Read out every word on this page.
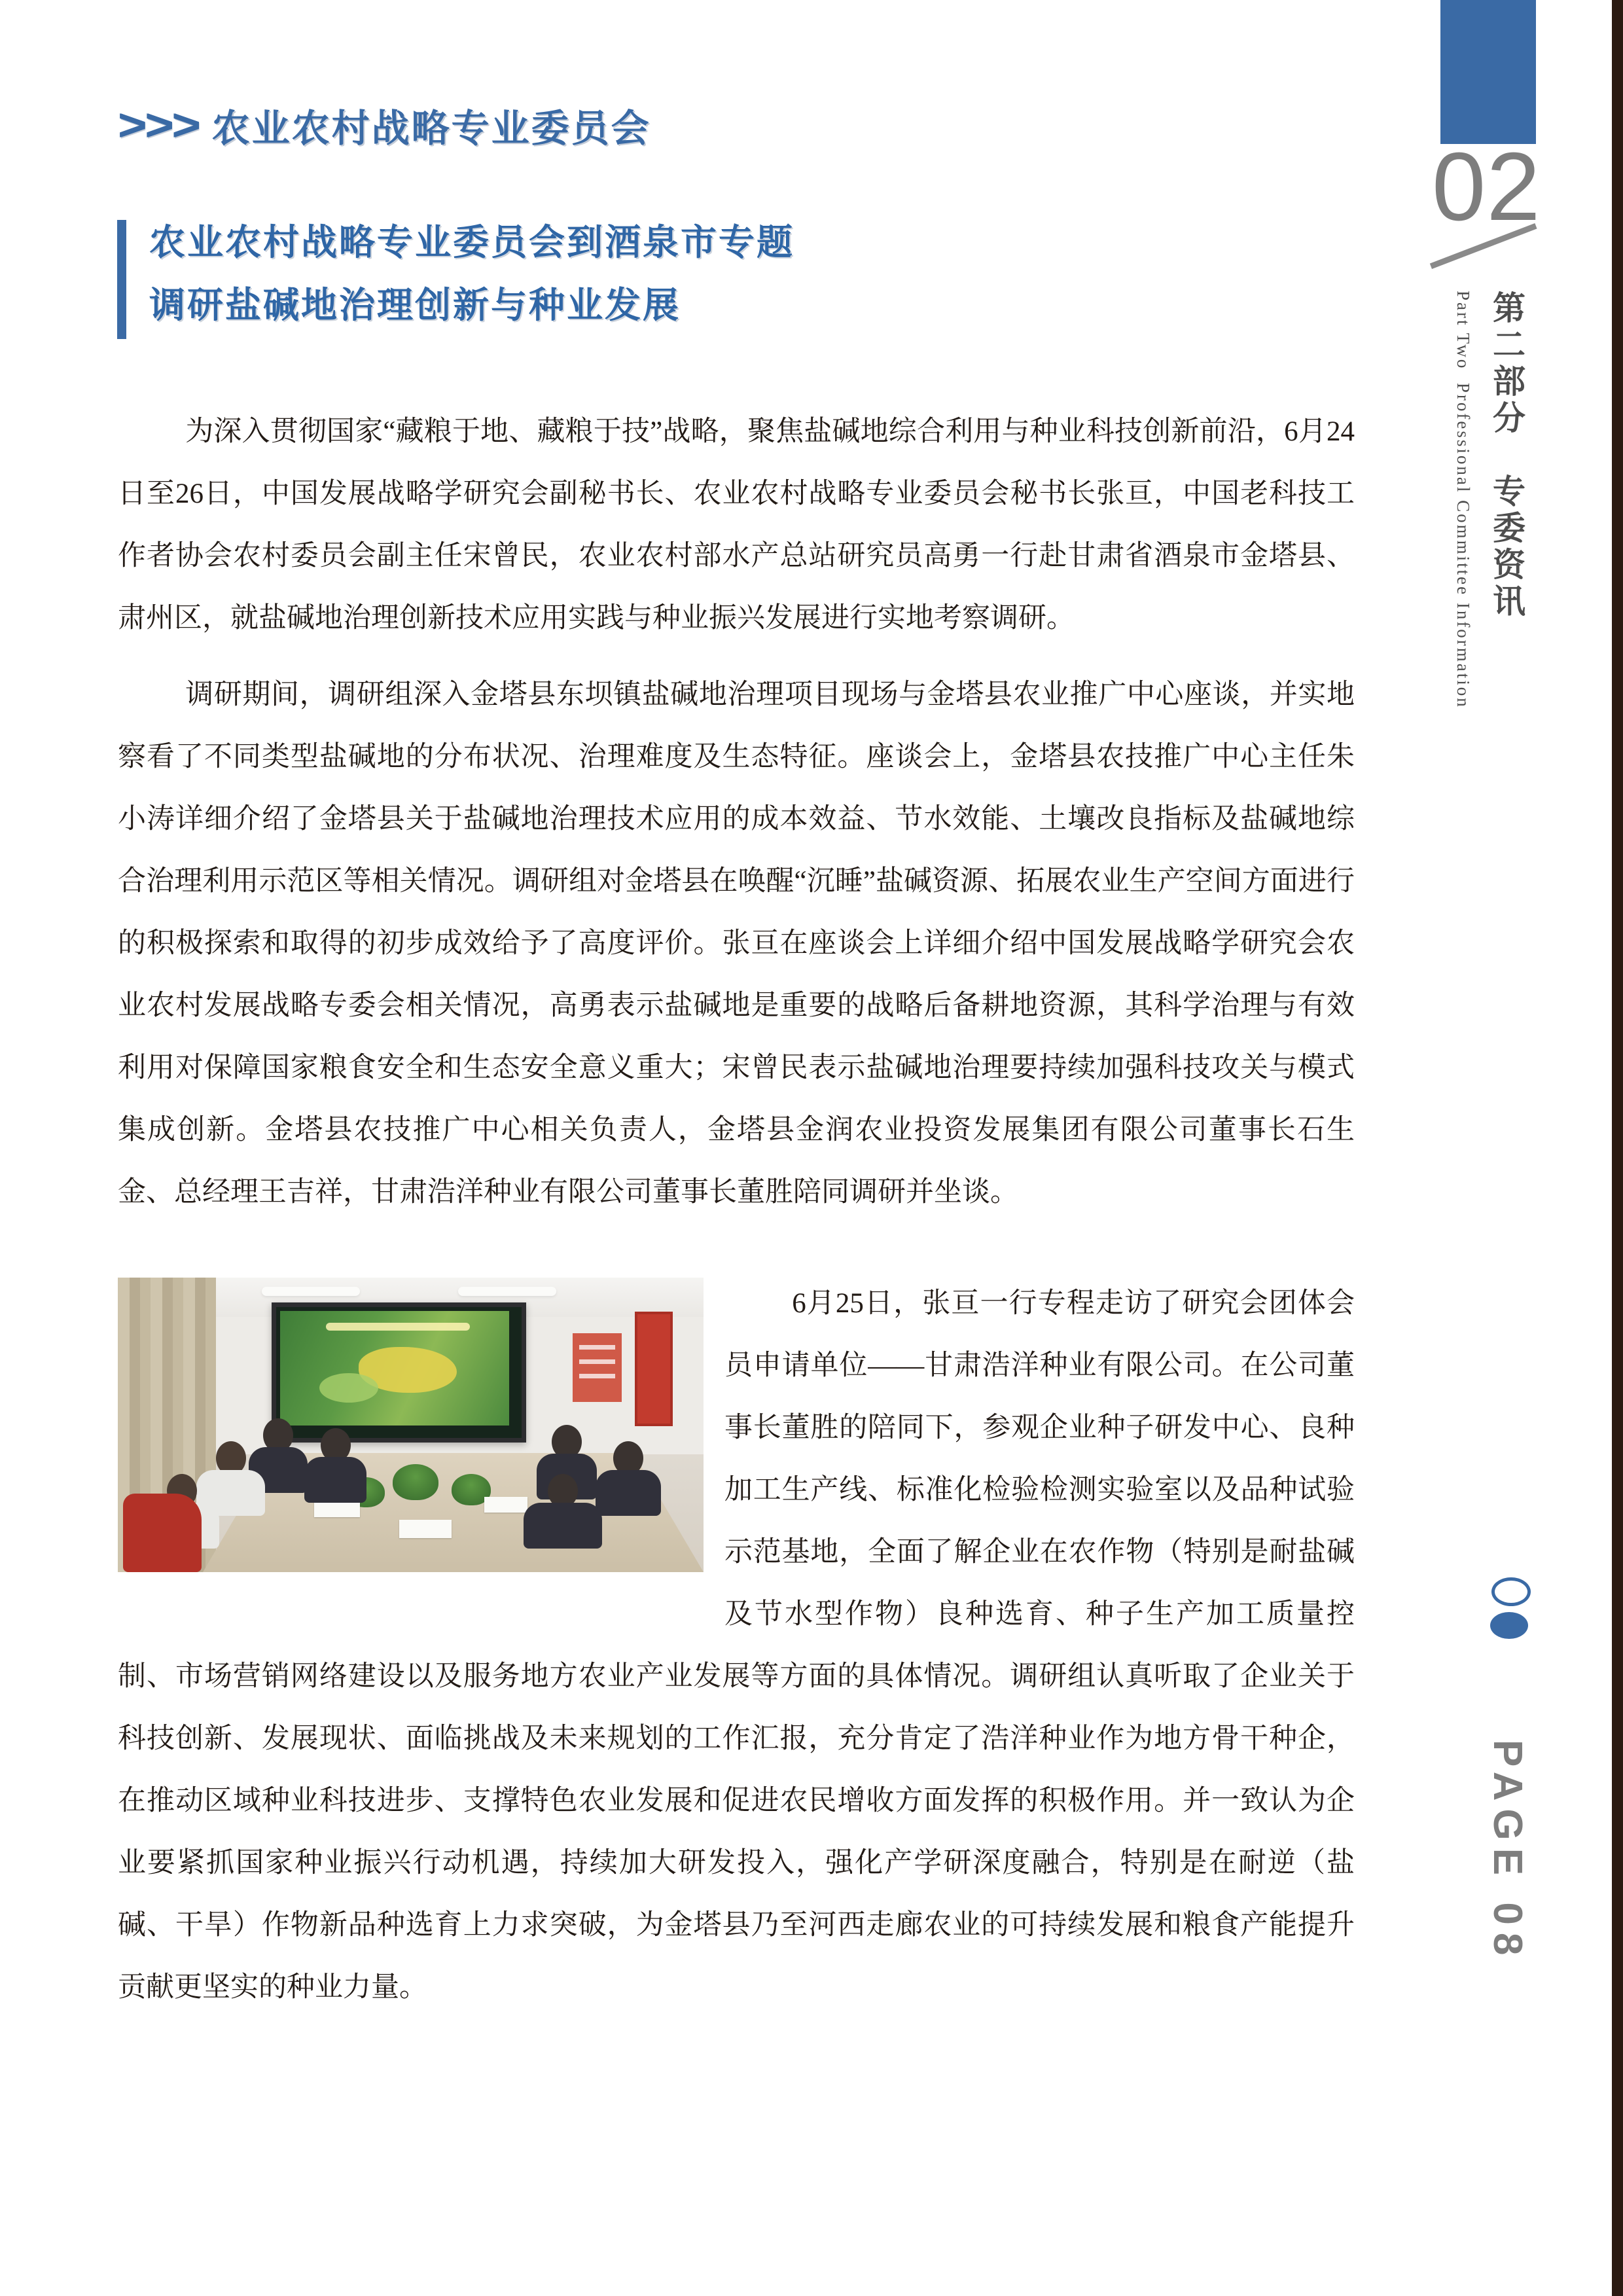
>>> 农业农村战略专业委员会
农业农村战略专业委员会到酒泉市专题
调研盐碱地治理创新与种业发展

为深入贯彻国家“藏粮于地、藏粮于技”战略，聚焦盐碱地综合利用与种业科技创新前沿，6月24日至26日，中国发展战略学研究会副秘书长、农业农村战略专业委员会秘书长张亘，中国老科技工作者协会农村委员会副主任宋曾民，农业农村部水产总站研究员高勇一行赴甘肃省酒泉市金塔县、肃州区，就盐碱地治理创新技术应用实践与种业振兴发展进行实地考察调研。

调研期间，调研组深入金塔县东坝镇盐碱地治理项目现场与金塔县农业推广中心座谈，并实地察看了不同类型盐碱地的分布状况、治理难度及生态特征。座谈会上，金塔县农技推广中心主任朱小涛详细介绍了金塔县关于盐碱地治理技术应用的成本效益、节水效能、土壤改良指标及盐碱地综合治理利用示范区等相关情况。调研组对金塔县在唤醒“沉睡”盐碱资源、拓展农业生产空间方面进行的积极探索和取得的初步成效给予了高度评价。张亘在座谈会上详细介绍中国发展战略学研究会农业农村发展战略专委会相关情况，高勇表示盐碱地是重要的战略后备耕地资源，其科学治理与有效利用对保障国家粮食安全和生态安全意义重大；宋曾民表示盐碱地治理要持续加强科技攻关与模式集成创新。金塔县农技推广中心相关负责人，金塔县金润农业投资发展集团有限公司董事长石生金、总经理王吉祥，甘肃浩洋种业有限公司董事长董胜陪同调研并坐谈。

6月25日，张亘一行专程走访了研究会团体会员申请单位——甘肃浩洋种业有限公司。在公司董事长董胜的陪同下，参观企业种子研发中心、良种加工生产线、标准化检验检测实验室以及品种试验示范基地，全面了解企业在农作物（特别是耐盐碱及节水型作物）良种选育、种子生产加工质量控制、市场营销网络建设以及服务地方农业产业发展等方面的具体情况。调研组认真听取了企业关于科技创新、发展现状、面临挑战及未来规划的工作汇报，充分肯定了浩洋种业作为地方骨干种企，在推动区域种业科技进步、支撑特色农业发展和促进农民增收方面发挥的积极作用。并一致认为企业要紧抓国家种业振兴行动机遇，持续加大研发投入，强化产学研深度融合，特别是在耐逆（盐碱、干旱）作物新品种选育上力求突破，为金塔县乃至河西走廊农业的可持续发展和粮食产能提升贡献更坚实的种业力量。

02
第二部分　专委资讯
Part Two  Professional Committee Information
PAGE 08
